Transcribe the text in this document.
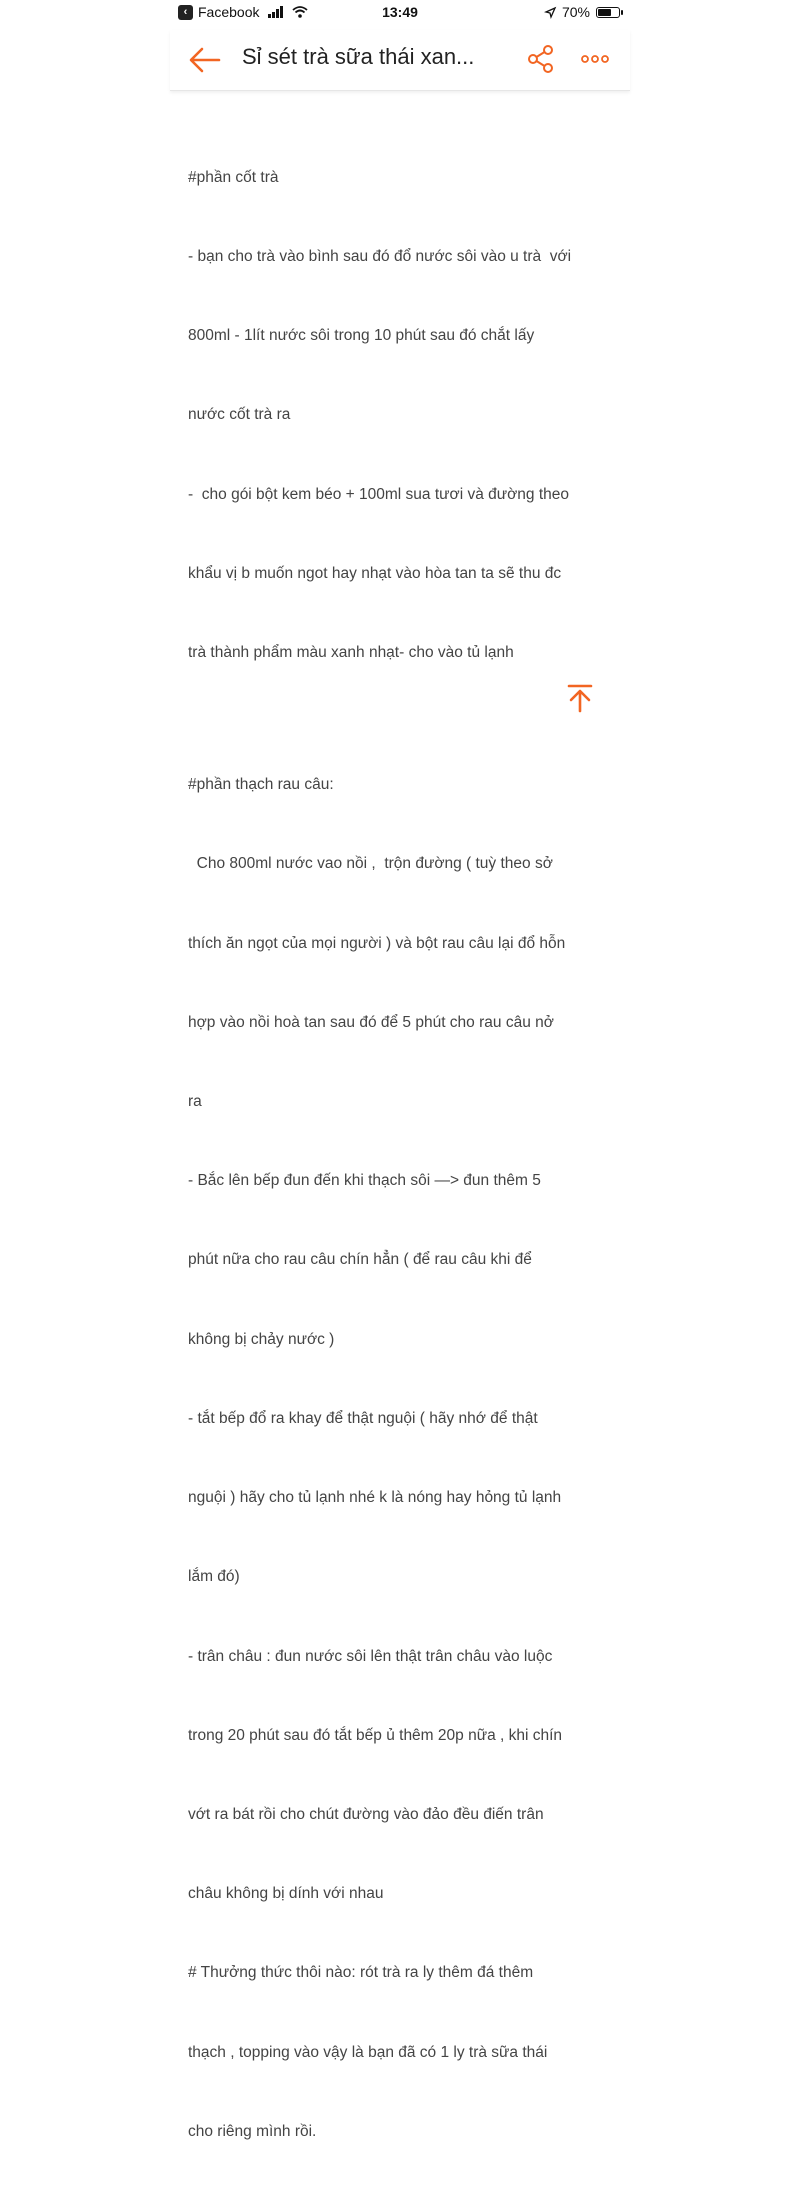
‹ Facebook	13:49	70%
Sỉ sét trà sữa thái xan...

#phần cốt trà

- bạn cho trà vào bình sau đó đổ nước sôi vào u trà  với

800ml - 1lít nước sôi trong 10 phút sau đó chắt lấy

nước cốt trà ra

-  cho gói bột kem béo + 100ml sua tươi và đường theo

khẩu vị b muốn ngot hay nhạt vào hòa tan ta sẽ thu đc

trà thành phẩm màu xanh nhạt- cho vào tủ lạnh

#phần thạch rau câu:

Cho 800ml nước vao nồi ,  trộn đường ( tuỳ theo sở

thích ăn ngọt của mọi người ) và bột rau câu lại đổ hỗn

hợp vào nồi hoà tan sau đó để 5 phút cho rau câu nở

ra

- Bắc lên bếp đun đến khi thạch sôi —> đun thêm 5

phút nữa cho rau câu chín hẳn ( để rau câu khi để

không bị chảy nước )

- tắt bếp đổ ra khay để thật nguội ( hãy nhớ để thật

nguội ) hãy cho tủ lạnh nhé k là nóng hay hỏng tủ lạnh

lắm đó)

- trân châu : đun nước sôi lên thật trân châu vào luộc

trong 20 phút sau đó tắt bếp ủ thêm 20p nữa , khi chín

vớt ra bát rồi cho chút đường vào đảo đều điến trân

châu không bị dính với nhau

# Thưởng thức thôi nào: rót trà ra ly thêm đá thêm

thạch , topping vào vậy là bạn đã có 1 ly trà sữa thái

cho riêng mình rồi.
